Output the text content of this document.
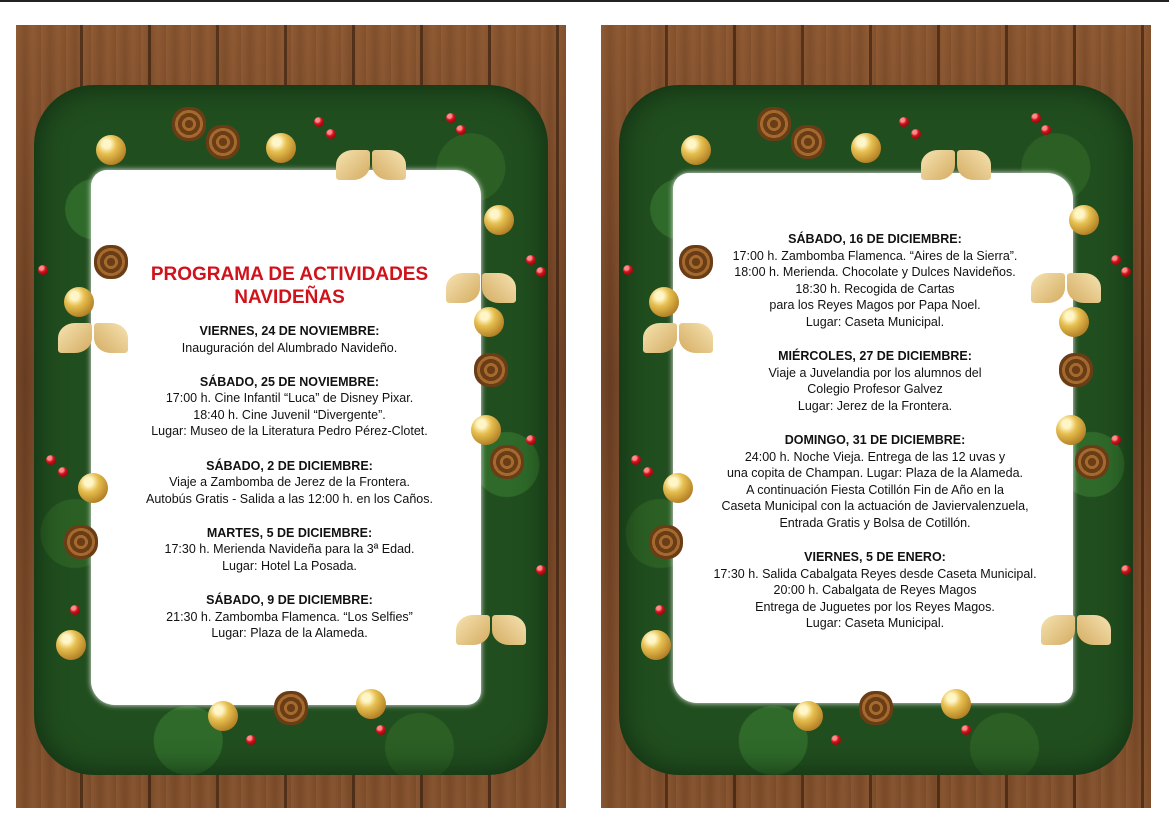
PROGRAMA DE ACTIVIDADES
NAVIDEÑAS
VIERNES, 24 DE NOVIEMBRE:
Inauguración del Alumbrado Navideño.
SÁBADO, 25 DE NOVIEMBRE:
17:00 h. Cine Infantil “Luca” de Disney Pixar.
18:40 h. Cine Juvenil “Divergente”.
Lugar: Museo de la Literatura Pedro Pérez-Clotet.
SÁBADO, 2 DE DICIEMBRE:
Viaje a Zambomba de Jerez de la Frontera.
Autobús Gratis - Salida a las 12:00 h. en los Caños.
MARTES, 5 DE DICIEMBRE:
17:30 h. Merienda Navideña para la 3ª Edad.
Lugar: Hotel La Posada.
SÁBADO, 9 DE DICIEMBRE:
21:30 h. Zambomba Flamenca. “Los Selfies”
Lugar: Plaza de la Alameda.
SÁBADO, 16 DE DICIEMBRE:
17:00 h. Zambomba Flamenca. “Aires de la Sierra”.
18:00 h. Merienda. Chocolate y Dulces Navideños.
18:30 h. Recogida de Cartas
para los Reyes Magos por Papa Noel.
Lugar: Caseta Municipal.
MIÉRCOLES, 27 DE DICIEMBRE:
Viaje a Juvelandia por los alumnos del
Colegio Profesor Galvez
Lugar: Jerez de la Frontera.
DOMINGO, 31 DE DICIEMBRE:
24:00 h. Noche Vieja. Entrega de las 12 uvas y
una copita de Champan. Lugar: Plaza de la Alameda.
A continuación Fiesta Cotillón Fin de Año en la
Caseta Municipal con la actuación de Javiervalenzuela,
Entrada Gratis y Bolsa de Cotillón.
VIERNES, 5 DE ENERO:
17:30 h. Salida Cabalgata Reyes desde Caseta Municipal.
20:00 h. Cabalgata de Reyes Magos
Entrega de Juguetes por los Reyes Magos.
Lugar: Caseta Municipal.
